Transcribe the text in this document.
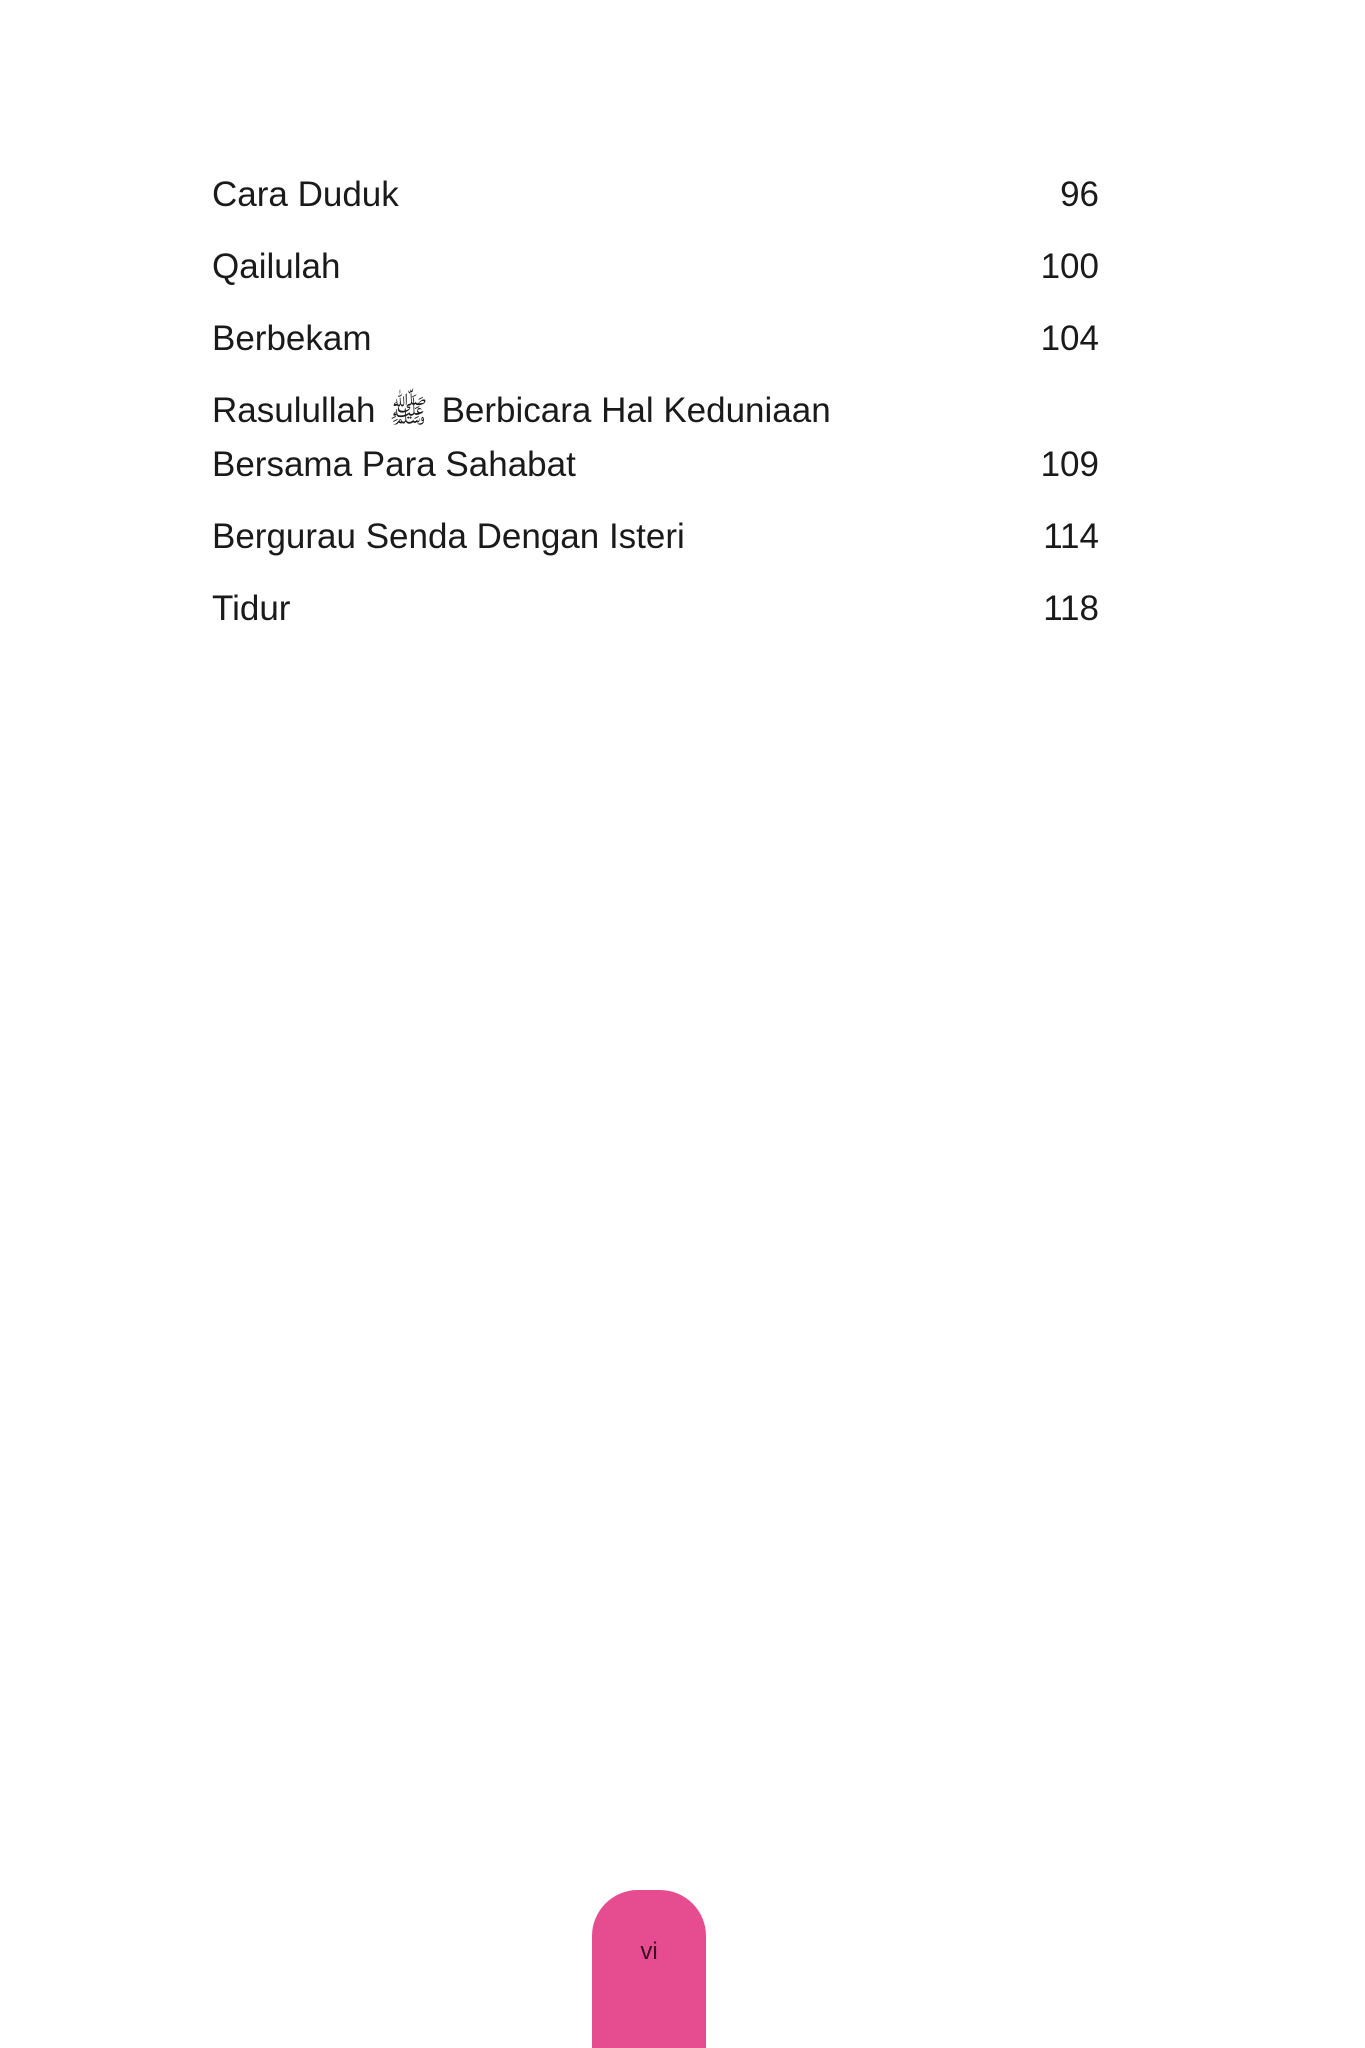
Cara Duduk	96
Qailulah	100
Berbekam	104
Rasulullah ﷺ Berbicara Hal Keduniaan
Bersama Para Sahabat	109
Bergurau Senda Dengan Isteri	114
Tidur	118
vi
